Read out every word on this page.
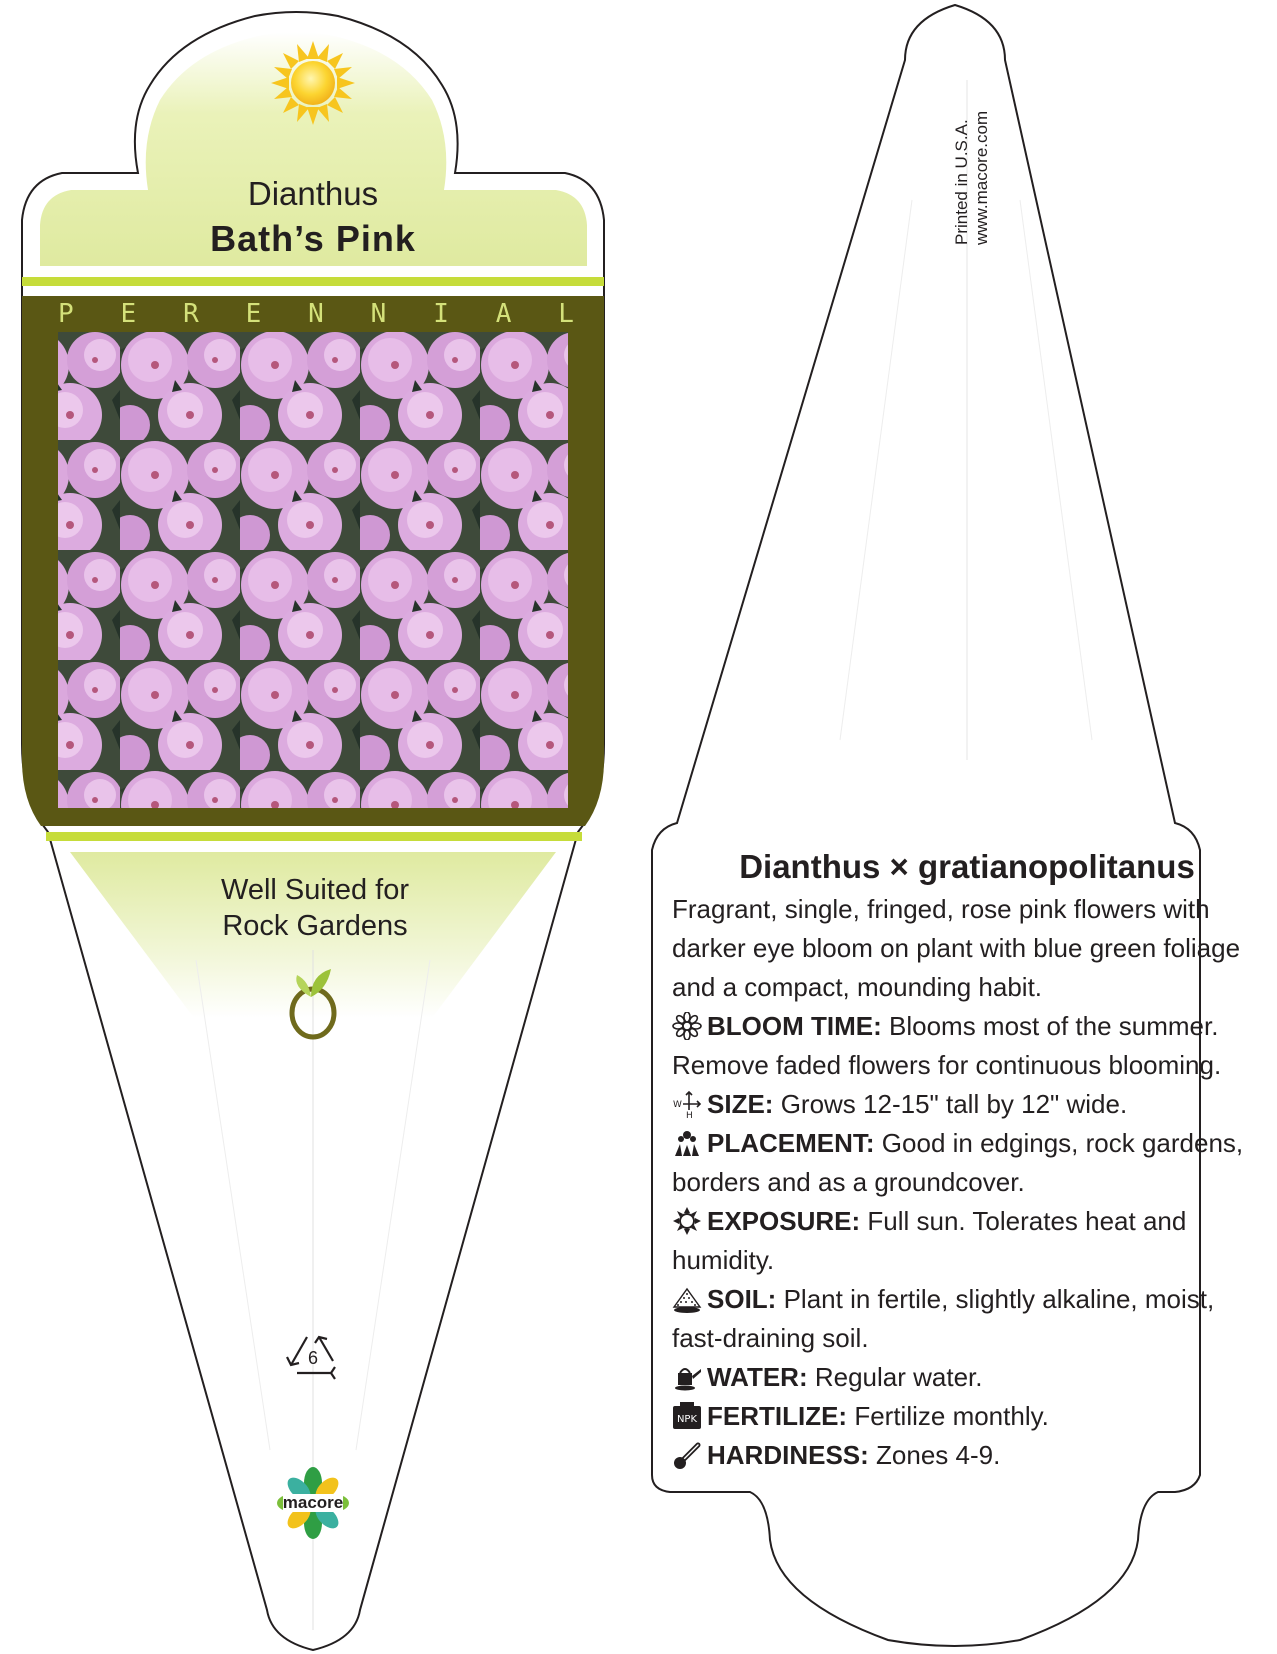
Dianthus
Bath’s Pink
P E R E N N I A L
Well Suited for
Rock Gardens
6
macore
Printed in U.S.A.
www.macore.com
Dianthus × gratianopolitanus

Fragrant, single, fringed, rose pink flowers with darker eye bloom on plant with blue green foliage and a compact, mounding habit.

BLOOM TIME: Blooms most of the summer. Remove faded flowers for continuous blooming.
W
H SIZE: Grows 12-15" tall by 12" wide.
PLACEMENT: Good in edgings, rock gardens, borders and as a groundcover.
EXPOSURE: Full sun. Tolerates heat and humidity.
SOIL: Plant in fertile, slightly alkaline, moist, fast-draining soil.
WATER: Regular water.
NPK FERTILIZE: Fertilize monthly.
HARDINESS: Zones 4-9.
